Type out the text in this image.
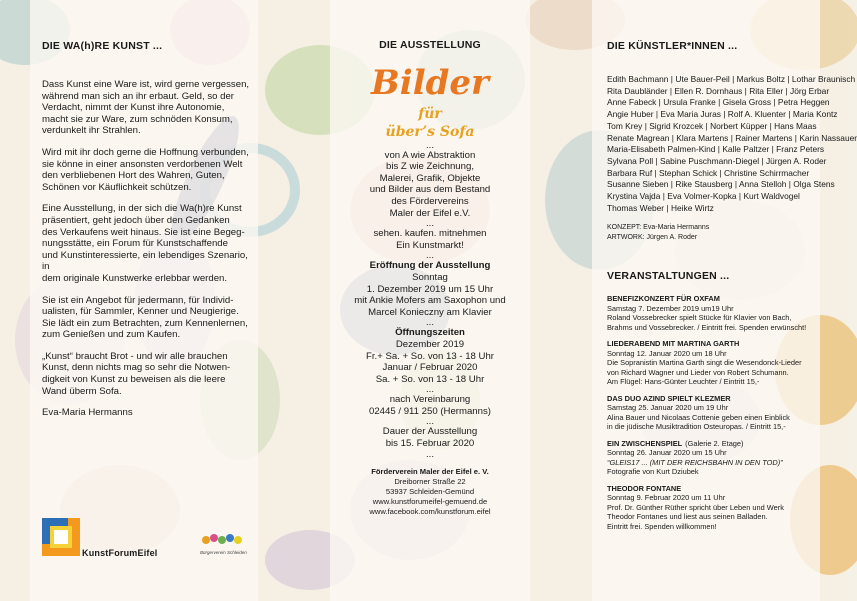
DIE WA(h)RE KUNST ...

Dass Kunst eine Ware ist, wird gerne vergessen,
während man sich an ihr erbaut. Geld, so der
Verdacht, nimmt der Kunst ihre Autonomie,
macht sie zur Ware, zum schnöden Konsum,
verdunkelt ihr Strahlen.

Wird mit ihr doch gerne die Hoffnung verbunden,
sie könne in einer ansonsten verdorbenen Welt
den verbliebenen Hort des Wahren, Guten,
Schönen vor Käuflichkeit schützen.

Eine Ausstellung, in der sich die Wa(h)re Kunst
präsentiert, geht jedoch über den Gedanken
des Verkaufens weit hinaus. Sie ist eine Begeg-
nungsstätte, ein Forum für Kunstschaffende
und Kunstinteressierte, ein lebendiges Szenario, in
dem originale Kunstwerke erlebbar werden.

Sie ist ein Angebot für jedermann, für Individ-
ualisten, für Sammler, Kenner und Neugierige.
Sie lädt ein zum Betrachten, zum Kennenlernen,
zum Genießen und zum Kaufen.

„Kunst“ braucht Brot - und wir alle brauchen
Kunst, denn nichts mag so sehr die Notwen-
digkeit von Kunst zu beweisen als die leere
Wand überm Sofa.

Eva-Maria Hermanns

KunstForumEifel	Bürgerverein Schleiden
DIE AUSSTELLUNG
Bilder
für
über’s Sofa
...

von A wie Abstraktion
bis Z wie Zeichnung,
Malerei, Grafik, Objekte
und Bilder aus dem Bestand
des Fördervereins
Maler der Eifel e.V.

...

sehen. kaufen. mitnehmen
Ein Kunstmarkt!

...

Eröffnung der Ausstellung

Sonntag
1. Dezember 2019 um 15 Uhr
mit Ankie Mofers am Saxophon und
Marcel Konieczny am Klavier

...

Öffnungszeiten

Dezember 2019
Fr.+ Sa. + So. von 13 - 18 Uhr
Januar / Februar 2020
Sa. + So. von 13 - 18 Uhr

...

nach Vereinbarung
02445 / 911 250 (Hermanns)

...

Dauer der Ausstellung
bis 15. Februar 2020

...

Förderverein Maler der Eifel e. V.

Dreiborner Straße 22
53937 Schleiden-Gemünd
www.kunstforumeifel-gemuend.de
www.facebook.com/kunstforum.eifel

DIE KÜNSTLER*INNEN ...
Edith Bachmann | Ute Bauer-Peil | Markus Boltz | Lothar Braunisch
Rita Daubländer | Ellen R. Dornhaus | Rita Eller | Jörg Erbar
Anne Fabeck | Ursula Franke | Gisela Gross | Petra Heggen
Angie Huber | Eva Maria Juras | Rolf A. Kluenter | Maria Kontz
Tom Krey | Sigrid Krozcek | Norbert Küpper | Hans Maas
Renate Magrean | Klara Martens | Rainer Martens | Karin Nassauer
Maria-Elisabeth Palmen-Kind | Kalle Paltzer | Franz Peters
Sylvana Poll | Sabine Puschmann-Diegel | Jürgen A. Roder
Barbara Ruf | Stephan Schick | Christine Schirrmacher
Susanne Sieben | Rike Stausberg | Anna Stelloh | Olga Stens
Krystina Vajda | Eva Volmer-Kopka | Kurt Waldvogel
Thomas Weber | Heike Wirtz
KONZEPT: Eva-Maria Hermanns
ARTWORK: Jürgen A. Roder
VERANSTALTUNGEN ...
BENEFIZKONZERT FÜR OXFAM
Samstag 7. Dezember 2019 um19 Uhr
Roland Vossebrecker spielt Stücke für Klavier von Bach,
Brahms und Vossebrecker. / Eintritt frei. Spenden erwünscht!
LIEDERABEND MIT MARTINA GARTH
Sonntag 12. Januar 2020 um 18 Uhr
Die Sopranistin Martina Garth singt die Wesendonck-Lieder
von Richard Wagner und Lieder von Robert Schumann.
Am Flügel: Hans-Günter Leuchter / Eintritt 15,-
DAS DUO AZIND SPIELT KLEZMER
Samstag 25. Januar 2020 um 19 Uhr
Alina Bauer und Nicolaas Cottenie geben einen Einblick
in die jüdische Musiktradition Osteuropas. / Eintritt 15,-
EIN ZWISCHENSPIEL (Galerie 2. Etage)
Sonntag 26. Januar 2020 um 15 Uhr
“GLEIS17 ... (MIT DER REICHSBAHN IN DEN TOD)”
Fotografie von Kurt Dziubek
THEODOR FONTANE
Sonntag 9. Februar 2020 um 11 Uhr
Prof. Dr. Günther Rüther spricht über Leben und Werk
Theodor Fontanes und liest aus seinen Balladen.
Eintritt frei. Spenden willkommen!
